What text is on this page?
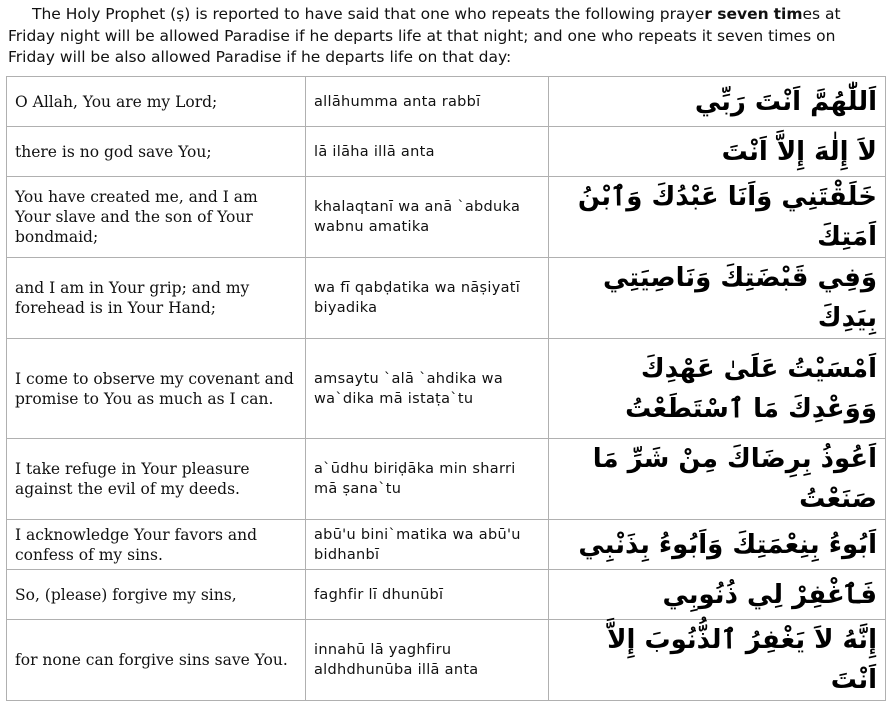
The Holy Prophet (ṣ) is reported to have said that one who repeats the following prayer seven times at Friday night will be allowed Paradise if he departs life at that night; and one who repeats it seven times on Friday will be also allowed Paradise if he departs life on that day:

O Allah, You are my Lord;	allāhumma anta rabbī	اَللّٰهُمَّ اَنْتَ رَبِّي
there is no god save You;	lā ilāha illā anta	لاَ إِلٰهَ إِلاَّ اَنْتَ
You have created me, and I am Your slave and the son of Your bondmaid;	khalaqtanī wa anā `abduka wabnu amatika	خَلَقْتَنِي وَاَنَا عَبْدُكَ وَٱبْنُ اَمَتِكَ
and I am in Your grip; and my forehead is in Your Hand;	wa fī qabḍatika wa nāṣiyatī biyadika	وَفِي قَبْضَتِكَ وَنَاصِيَتِي بِيَدِكَ
I come to observe my covenant and promise to You as much as I can.	amsaytu `alā `ahdika wa wa`dika mā istaṭa`tu	اَمْسَيْتُ عَلَىٰ عَهْدِكَ وَوَعْدِكَ مَا ٱسْتَطَعْتُ
I take refuge in Your pleasure against the evil of my deeds.	a`ūdhu biriḍāka min sharri mā ṣana`tu	اَعُوذُ بِرِضَاكَ مِنْ شَرِّ مَا صَنَعْتُ
I acknowledge Your favors and confess of my sins.	abū'u bini`matika wa abū'u bidhanbī	اَبُوءُ بِنِعْمَتِكَ وَاَبُوءُ بِذَنْبِي
So, (please) forgive my sins,	faghfir lī dhunūbī	فَٱغْفِرْ لِي ذُنُوبِي
for none can forgive sins save You.	innahū lā yaghfiru aldhdhunūba illā anta	إِنَّهُ لاَ يَغْفِرُ ٱلذُّنُوبَ إِلاَّ اَنْتَ
